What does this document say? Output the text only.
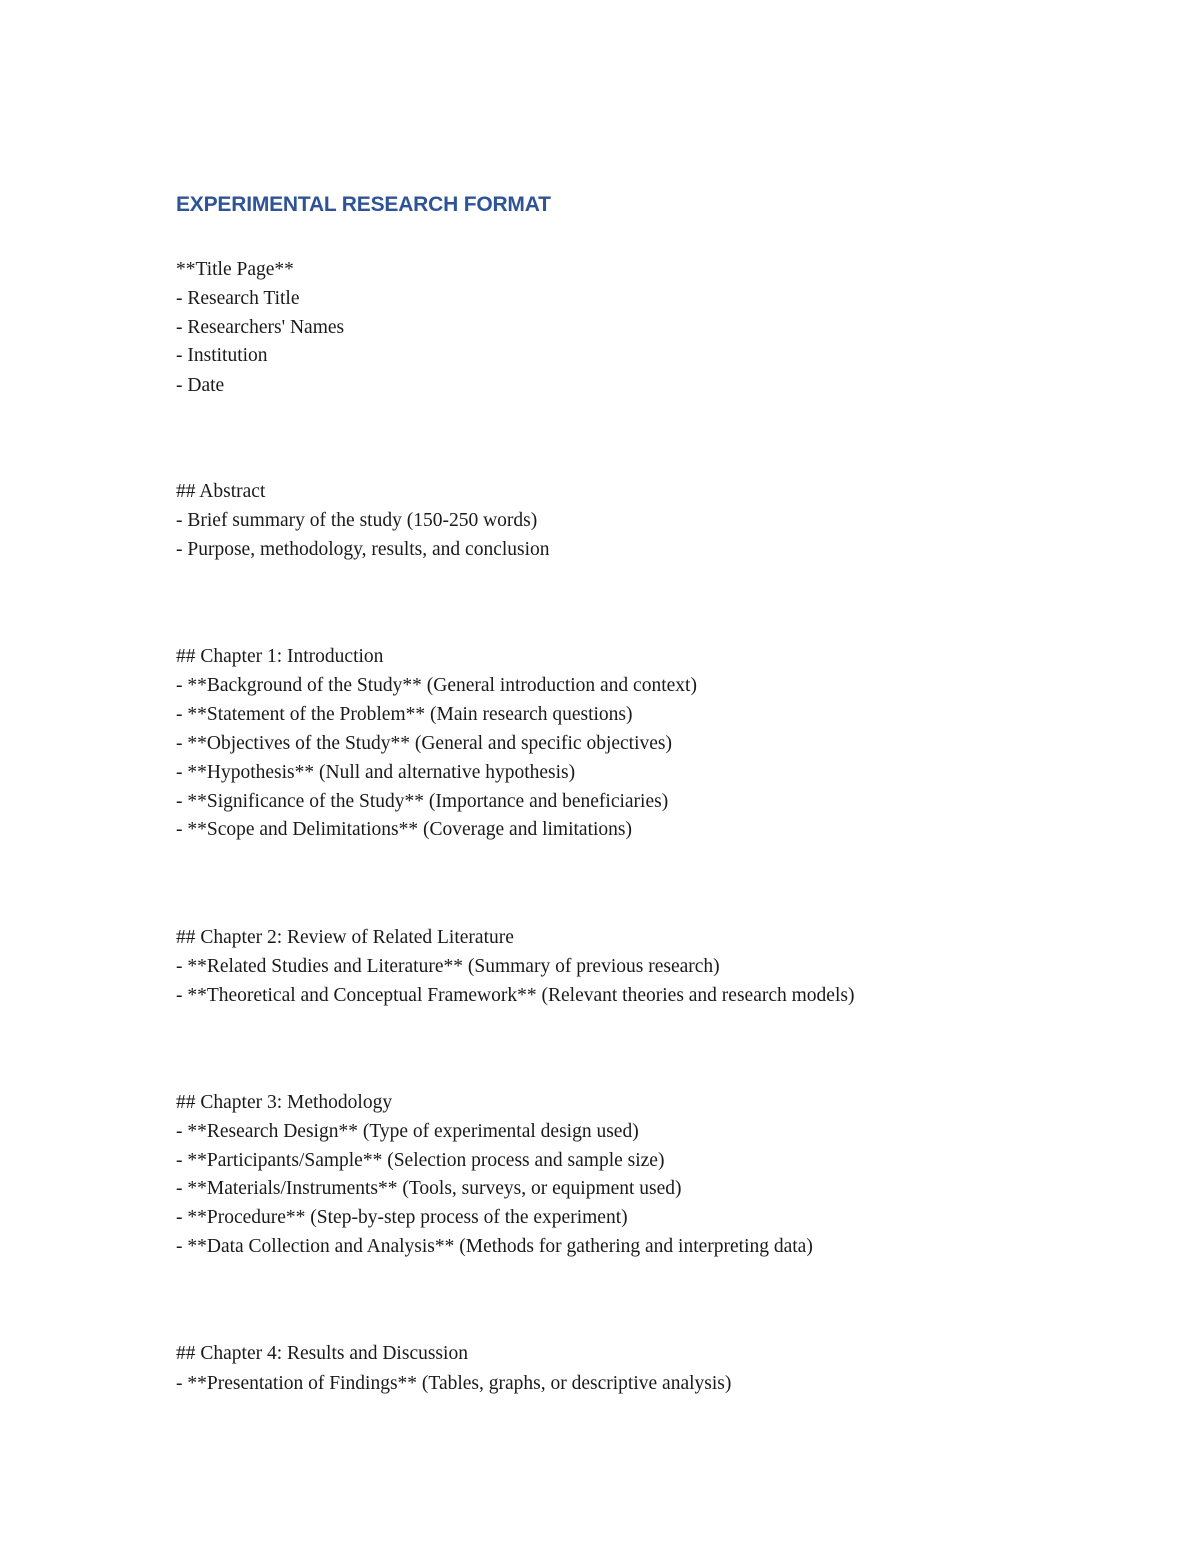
EXPERIMENTAL RESEARCH FORMAT

**Title Page**

- Research Title

- Researchers' Names

- Institution

- Date

## Abstract

- Brief summary of the study (150-250 words)

- Purpose, methodology, results, and conclusion

## Chapter 1: Introduction

- **Background of the Study** (General introduction and context)

- **Statement of the Problem** (Main research questions)

- **Objectives of the Study** (General and specific objectives)

- **Hypothesis** (Null and alternative hypothesis)

- **Significance of the Study** (Importance and beneficiaries)

- **Scope and Delimitations** (Coverage and limitations)

## Chapter 2: Review of Related Literature

- **Related Studies and Literature** (Summary of previous research)

- **Theoretical and Conceptual Framework** (Relevant theories and research models)

## Chapter 3: Methodology

- **Research Design** (Type of experimental design used)

- **Participants/Sample** (Selection process and sample size)

- **Materials/Instruments** (Tools, surveys, or equipment used)

- **Procedure** (Step-by-step process of the experiment)

- **Data Collection and Analysis** (Methods for gathering and interpreting data)

## Chapter 4: Results and Discussion

- **Presentation of Findings** (Tables, graphs, or descriptive analysis)
